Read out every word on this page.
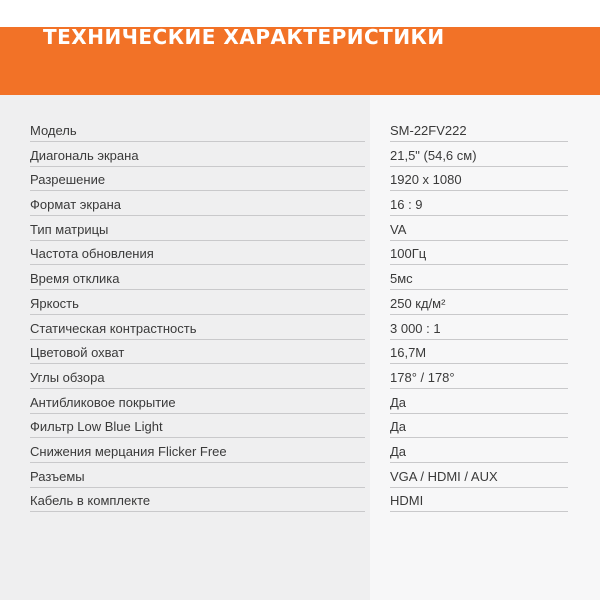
ТЕХНИЧЕСКИЕ ХАРАКТЕРИСТИКИ
Модель	SM-22FV222
Диагональ экрана	21,5" (54,6 см)
Разрешение	1920 x 1080
Формат экрана	16 : 9
Тип матрицы	VA
Частота обновления	100Гц
Время отклика	5мс
Яркость	250 кд/м²
Статическая контрастность	3 000 : 1
Цветовой охват	16,7M
Углы обзора	178° / 178°
Антибликовое покрытие	Да
Фильтр Low Blue Light	Да
Снижения мерцания Flicker Free	Да
Разъемы	VGA / HDMI / AUX
Кабель в комплекте	HDMI
